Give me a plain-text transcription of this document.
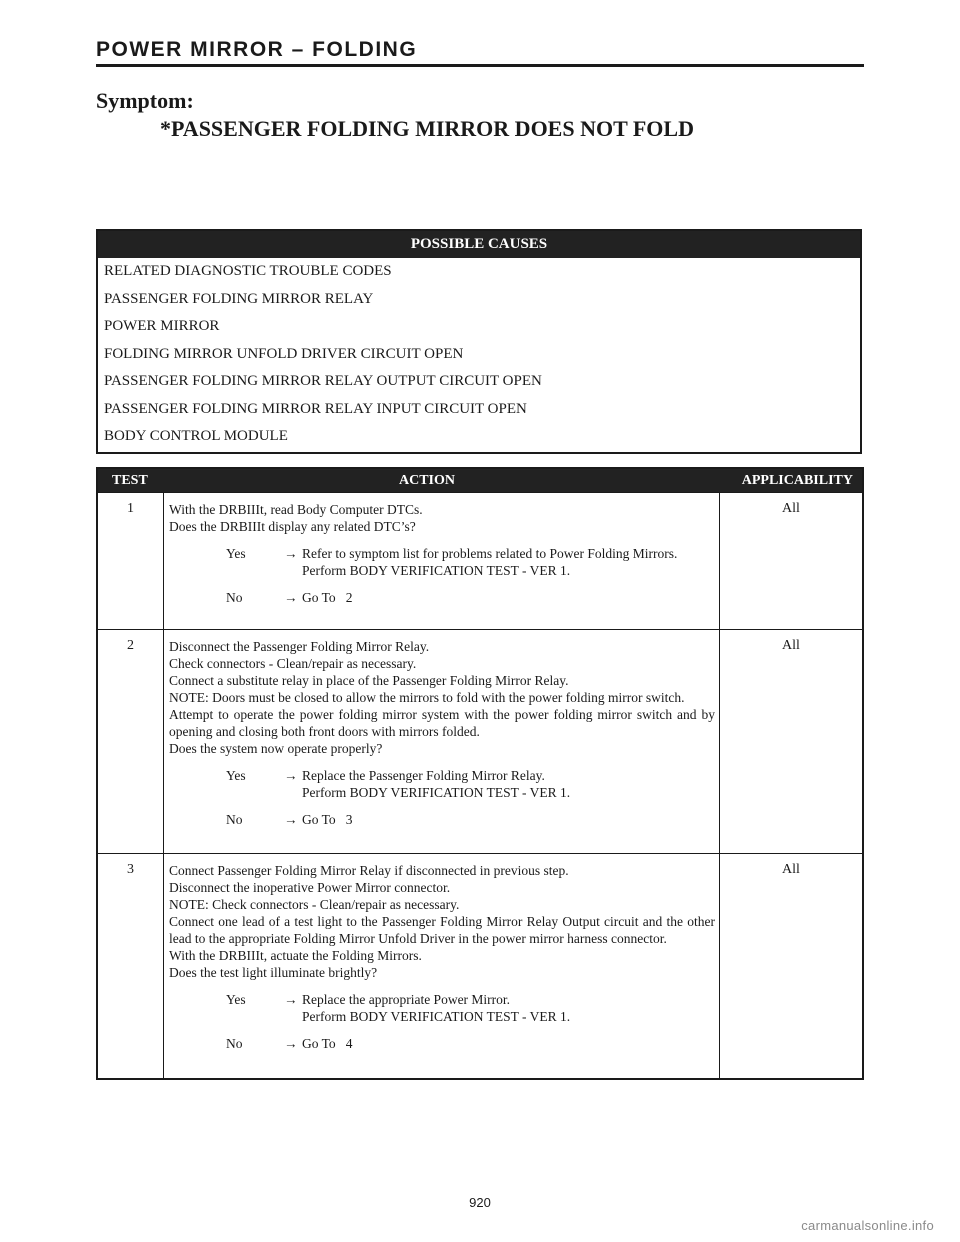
POWER MIRROR – FOLDING
Symptom:
*PASSENGER FOLDING MIRROR DOES NOT FOLD
POSSIBLE CAUSES
RELATED DIAGNOSTIC TROUBLE CODES
PASSENGER FOLDING MIRROR RELAY
POWER MIRROR
FOLDING MIRROR UNFOLD DRIVER CIRCUIT OPEN
PASSENGER FOLDING MIRROR RELAY OUTPUT CIRCUIT OPEN
PASSENGER FOLDING MIRROR RELAY INPUT CIRCUIT OPEN
BODY CONTROL MODULE
TEST	ACTION	APPLICABILITY
1	With the DRBIIIt, read Body Computer DTCs.
Does the DRBIIIt display any related DTC’s?
Yes	→ Refer to symptom list for problems related to Power Folding Mirrors.
Perform BODY VERIFICATION TEST - VER 1.
No	→ Go To   2
All
2	Disconnect the Passenger Folding Mirror Relay.
Check connectors - Clean/repair as necessary.
Connect a substitute relay in place of the Passenger Folding Mirror Relay.
NOTE: Doors must be closed to allow the mirrors to fold with the power folding mirror switch.
Attempt to operate the power folding mirror system with the power folding mirror switch and by opening and closing both front doors with mirrors folded.
Does the system now operate properly?
Yes	→ Replace the Passenger Folding Mirror Relay.
Perform BODY VERIFICATION TEST - VER 1.
No	→ Go To   3
All
3	Connect Passenger Folding Mirror Relay if disconnected in previous step.
Disconnect the inoperative Power Mirror connector.
NOTE: Check connectors - Clean/repair as necessary.
Connect one lead of a test light to the Passenger Folding Mirror Relay Output circuit and the other lead to the appropriate Folding Mirror Unfold Driver in the power mirror harness connector.
With the DRBIIIt, actuate the Folding Mirrors.
Does the test light illuminate brightly?
Yes	→ Replace the appropriate Power Mirror.
Perform BODY VERIFICATION TEST - VER 1.
No	→ Go To   4
All
920
carmanualsonline.info
